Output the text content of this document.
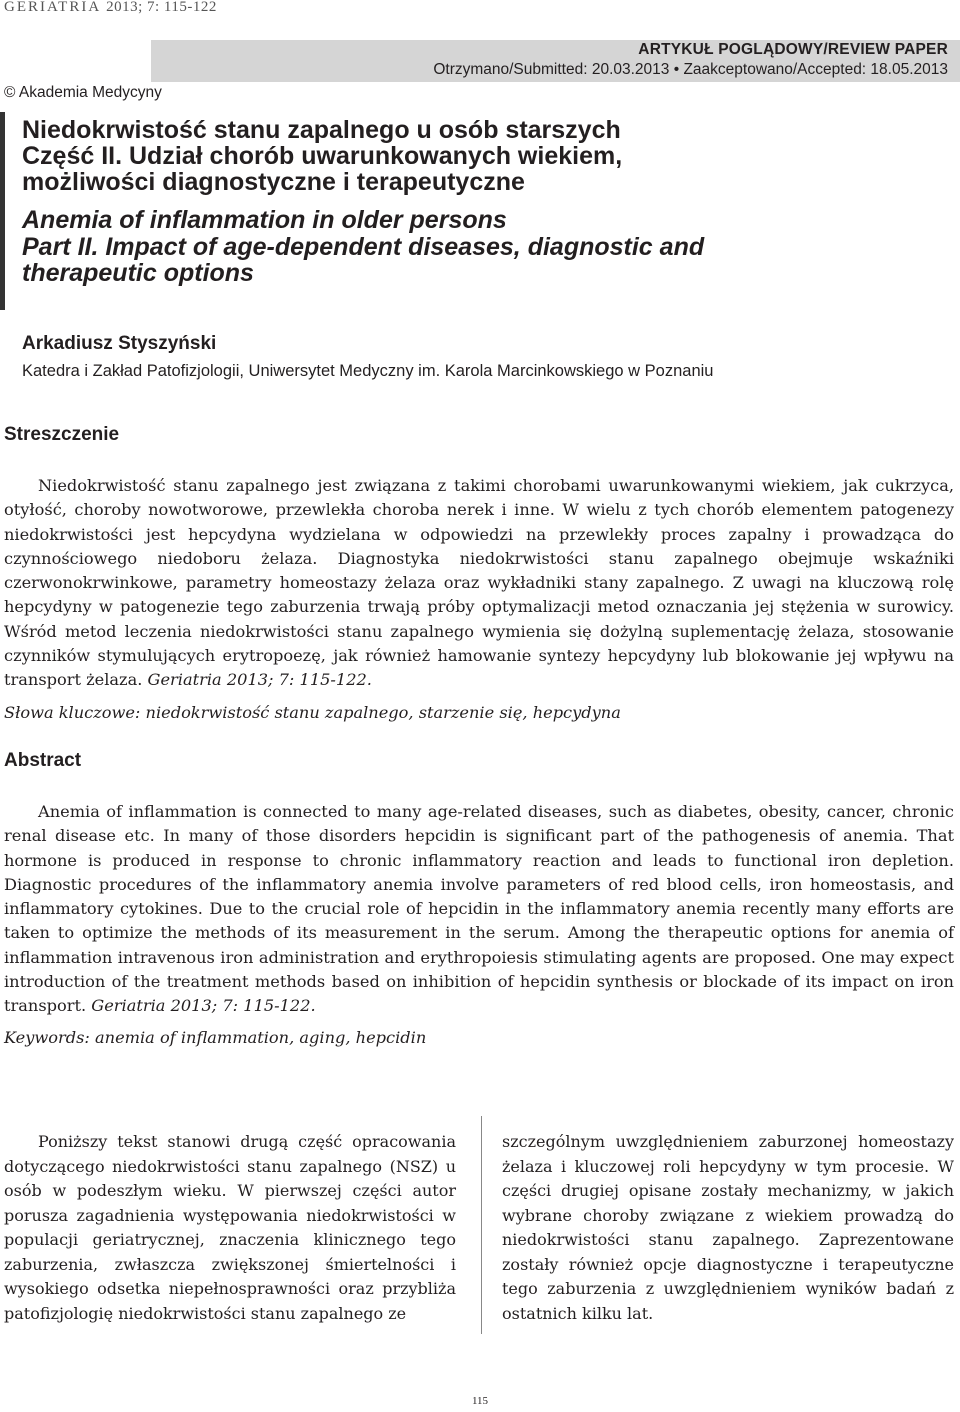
GERIATRIA 2013; 7: 115-122
ARTYKUŁ POGLĄDOWY/REVIEW PAPER
Otrzymano/Submitted: 20.03.2013 • Zaakceptowano/Accepted: 18.05.2013
© Akademia Medycyny
Niedokrwistość stanu zapalnego u osób starszych
Część II. Udział chorób uwarunkowanych wiekiem,
możliwości diagnostyczne i terapeutyczne
Anemia of inflammation in older persons
Part II. Impact of age-dependent diseases, diagnostic and
therapeutic options
Arkadiusz Styszyński
Katedra i Zakład Patofizjologii, Uniwersytet Medyczny im. Karola Marcinkowskiego w Poznaniu
Streszczenie

Niedokrwistość stanu zapalnego jest związana z takimi chorobami uwarunkowanymi wiekiem, jak cukrzyca, otyłość, choroby nowotworowe, przewlekła choroba nerek i inne. W wielu z tych chorób elementem patogenezy niedokrwistości jest hepcydyna wydzielana w odpowiedzi na przewlekły proces zapalny i prowadząca do czynnościowego niedoboru żelaza. Diagnostyka niedokrwistości stanu zapalnego obejmuje wskaźniki czerwonokrwinkowe, parametry homeostazy żelaza oraz wykładniki stany zapalnego. Z uwagi na kluczową rolę hepcydyny w patogenezie tego zaburzenia trwają próby optymalizacji metod oznaczania jej stężenia w surowicy. Wśród metod leczenia niedokrwistości stanu zapalnego wymienia się dożylną suplementację żelaza, stosowanie czynników stymulujących erytropoezę, jak również hamowanie syntezy hepcydyny lub blokowanie jej wpływu na transport żelaza. Geriatria 2013; 7: 115-122.

Słowa kluczowe: niedokrwistość stanu zapalnego, starzenie się, hepcydyna
Abstract

Anemia of inflammation is connected to many age-related diseases, such as diabetes, obesity, cancer, chronic renal disease etc. In many of those disorders hepcidin is significant part of the pathogenesis of anemia. That hormone is produced in response to chronic inflammatory reaction and leads to functional iron depletion. Diagnostic procedures of the inflammatory anemia involve parameters of red blood cells, iron homeostasis, and inflammatory cytokines. Due to the crucial role of hepcidin in the inflammatory anemia recently many efforts are taken to optimize the methods of its measurement in the serum. Among the therapeutic options for anemia of inflammation intravenous iron administration and erythropoiesis stimulating agents are proposed. One may expect introduction of the treatment methods based on inhibition of hepcidin synthesis or blockade of its impact on iron transport. Geriatria 2013; 7: 115-122.

Keywords: anemia of inflammation, aging, hepcidin

Poniższy tekst stanowi drugą część opracowania dotyczącego niedokrwistości stanu zapalnego (NSZ) u osób w podeszłym wieku. W pierwszej części autor porusza zagadnienia występowania niedokrwistości w populacji geriatrycznej, znaczenia klinicznego tego zaburzenia, zwłaszcza zwiększonej śmiertelności i wysokiego odsetka niepełnosprawności oraz przybliża patofizjologię niedokrwistości stanu zapalnego ze

szczególnym uwzględnieniem zaburzonej homeostazy żelaza i kluczowej roli hepcydyny w tym procesie. W części drugiej opisane zostały mechanizmy, w jakich wybrane choroby związane z wiekiem prowadzą do niedokrwistości stanu zapalnego. Zaprezentowane zostały również opcje diagnostyczne i terapeutyczne tego zaburzenia z uwzględnieniem wyników badań z ostatnich kilku lat.

115
